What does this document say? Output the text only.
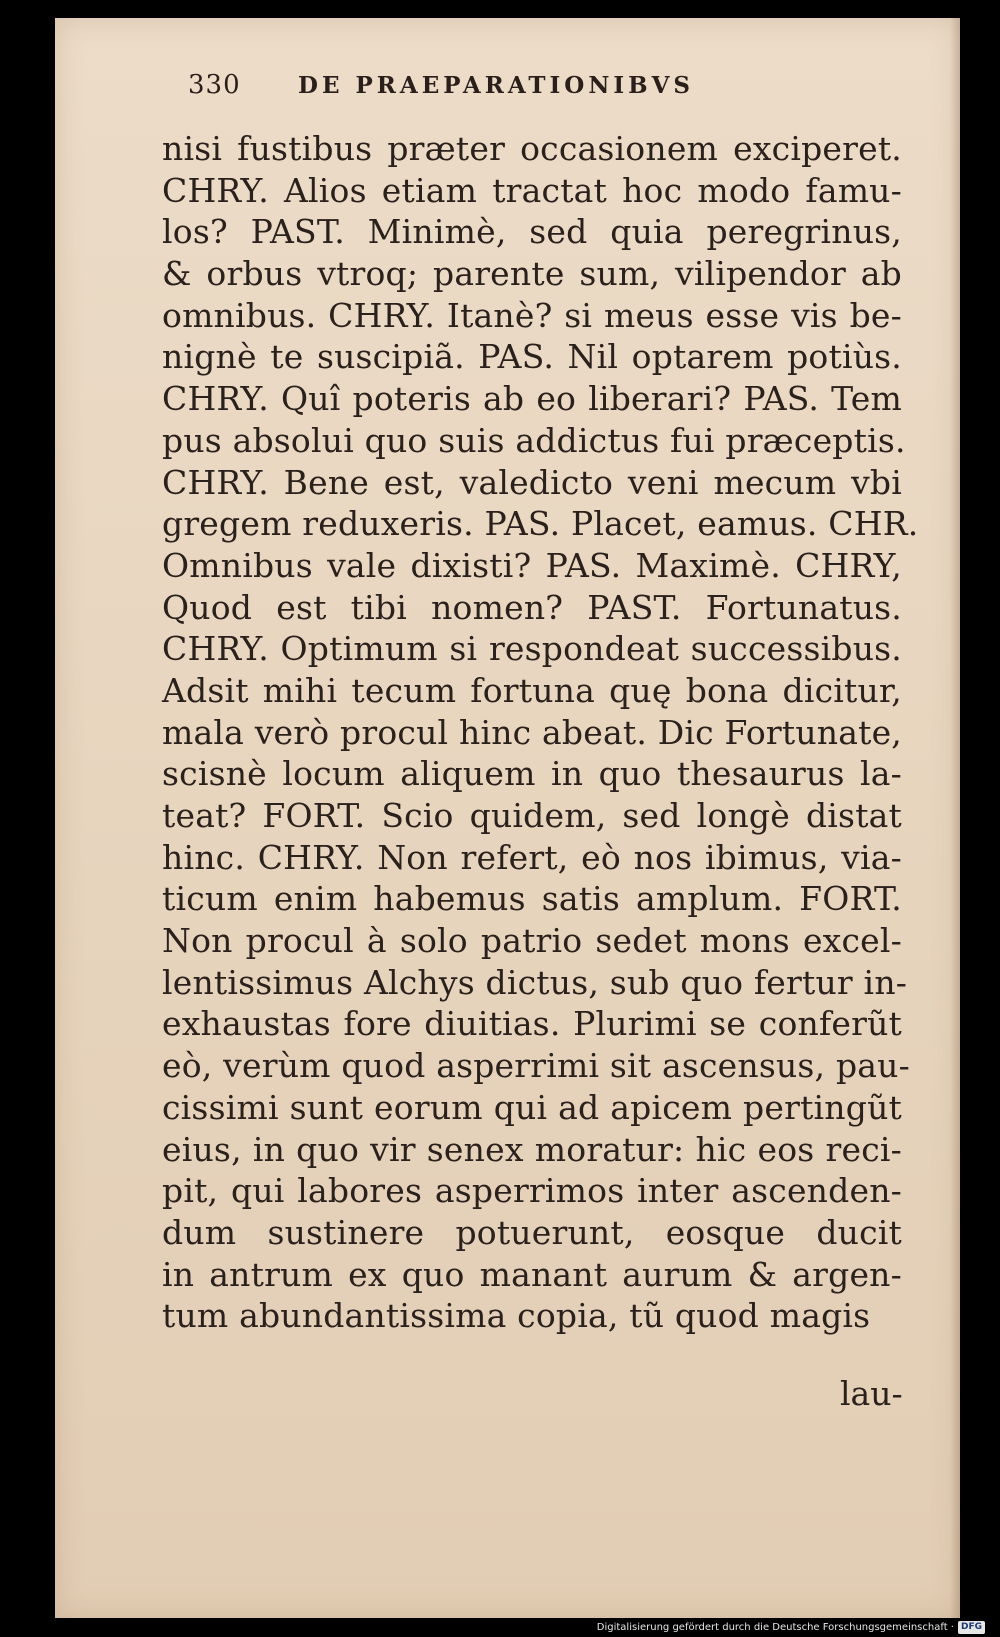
330 DE PRAEPARATIONIBVS
nisi fustibus præter occasionem exciperet.
CHRY. Alios etiam tractat hoc modo famu-
los? PAST. Minimè, sed quia peregrinus,
& orbus vtroq; parente sum, vilipendor ab
omnibus. CHRY. Itanè? si meus esse vis be-
nignè te suscipiã. PAS. Nil optarem potiùs.
CHRY. Quî poteris ab eo liberari? PAS. Tem
pus absolui quo suis addictus fui præceptis.
CHRY. Bene est, valedicto veni mecum vbi
gregem reduxeris. PAS. Placet, eamus. CHR.
Omnibus vale dixisti? PAS. Maximè. CHRY,
Quod est tibi nomen? PAST. Fortunatus.
CHRY. Optimum si respondeat successibus.
Adsit mihi tecum fortuna quę bona dicitur,
mala verò procul hinc abeat. Dic Fortunate,
scisnè locum aliquem in quo thesaurus la-
teat? FORT. Scio quidem, sed longè distat
hinc. CHRY. Non refert, eò nos ibimus, via-
ticum enim habemus satis amplum. FORT.
Non procul à solo patrio sedet mons excel-
lentissimus Alchys dictus, sub quo fertur in-
exhaustas fore diuitias. Plurimi se conferũt
eò, verùm quod asperrimi sit ascensus, pau-
cissimi sunt eorum qui ad apicem pertingũt
eius, in quo vir senex moratur: hic eos reci-
pit, qui labores asperrimos inter ascenden-
dum sustinere potuerunt, eosque ducit
in antrum ex quo manant aurum & argen-
tum abundantissima copia, tũ quod magis
lau-
Digitalisierung gefördert durch die Deutsche Forschungsgemeinschaft · DFG
